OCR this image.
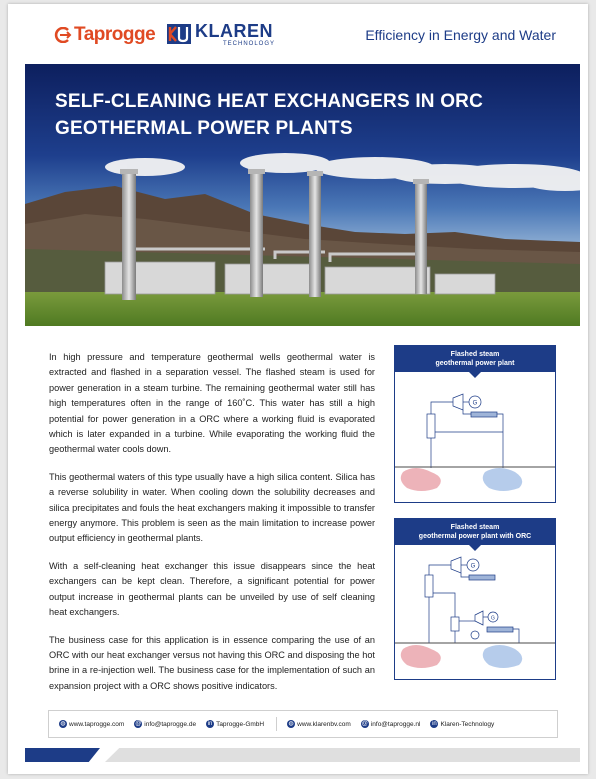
Taprogge KLAREN
TECHNOLOGY
Efficiency in Energy and Water
SELF-CLEANING HEAT EXCHANGERS IN ORC
GEOTHERMAL POWER PLANTS

In high pressure and temperature geothermal wells geothermal water is extracted and flashed in a separation vessel. The flashed steam is used for power generation in a steam turbine. The remaining geothermal water still has high temperatures often in the range of 160˚C. This water has still a high potential for power generation in a ORC where a working fluid is evaporated which is later expanded in a turbine. While evaporating the working fluid the geothermal water cools down.

This geothermal waters of this type usually have a high silica content. Silica has a reverse solubility in water. When cooling down the solubility decreases and silica precipitates and fouls the heat exchangers making it impossible to transfer energy anymore. This problem is seen as the main limitation to increase power output efficiency in geothermal plants.

With a self-cleaning heat exchanger this issue disappears since the heat exchangers can be kept clean. Therefore, a significant potential for power output increase in geothermal plants can be unveiled by use of self cleaning heat exchangers.

The business case for this application is in essence comparing the use of an ORC with our heat exchanger versus not having this ORC and disposing the hot brine in a re-injection well. The business case for the implementation of such an expansion project with a ORC shows positive indicators.

Flashed steam
geothermal power plant
G
Flashed steam
geothermal power plant with ORC
G
G
◍ www.taprogge.com @ info@taprogge.de in Taprogge-GmbH	◍ www.klarenbv.com @ info@taprogge.nl in Klaren-Technology
